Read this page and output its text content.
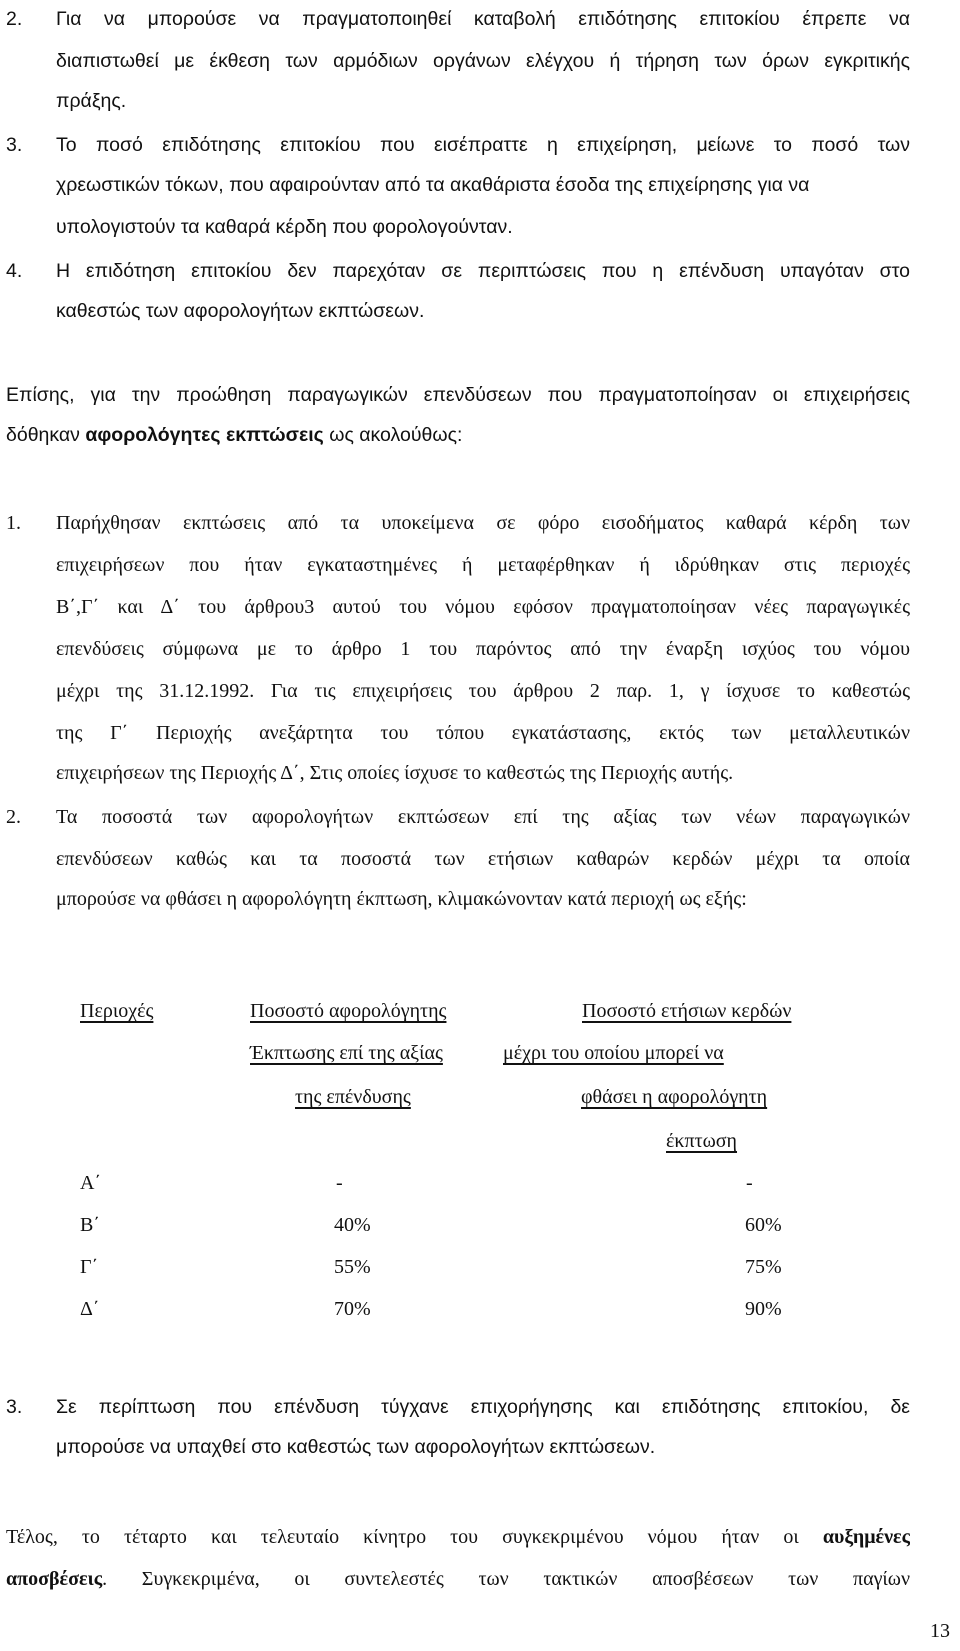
2. Για να μπορούσε να πραγματοποιηθεί καταβολή επιδότησης επιτοκίου έπρεπε να
διαπιστωθεί με έκθεση των αρμόδιων οργάνων ελέγχου ή τήρηση των όρων εγκριτικής
πράξης.
3. Το ποσό επιδότησης επιτοκίου που εισέπραττε η επιχείρηση, μείωνε το ποσό των
χρεωστικών τόκων, που αφαιρούνταν από τα ακαθάριστα έσοδα της επιχείρησης για να
υπολογιστούν τα καθαρά κέρδη που φορολογούνταν.
4. Η επιδότηση επιτοκίου δεν παρεχόταν σε περιπτώσεις που η επένδυση υπαγόταν στο
καθεστώς των αφορολογήτων εκπτώσεων.
Επίσης, για την προώθηση παραγωγικών επενδύσεων που πραγματοποίησαν οι επιχειρήσεις
δόθηκαν αφορολόγητες εκπτώσεις ως ακολούθως:
1. Παρήχθησαν εκπτώσεις από τα υποκείμενα σε φόρο εισοδήματος καθαρά κέρδη των
επιχειρήσεων που ήταν εγκαταστημένες ή μεταφέρθηκαν ή ιδρύθηκαν στις περιοχές
Β΄,Γ΄ και Δ΄ του άρθρου3 αυτού του νόμου εφόσον πραγματοποίησαν νέες παραγωγικές
επενδύσεις σύμφωνα με το άρθρο 1 του παρόντος από την έναρξη ισχύος του νόμου
μέχρι της 31.12.1992. Για τις επιχειρήσεις του άρθρου 2 παρ. 1, γ ίσχυσε το καθεστώς
της Γ΄ Περιοχής ανεξάρτητα του τόπου εγκατάστασης, εκτός των μεταλλευτικών
επιχειρήσεων της Περιοχής Δ΄, Στις οποίες ίσχυσε το καθεστώς της Περιοχής αυτής.
2. Τα ποσοστά των αφορολογήτων εκπτώσεων επί της αξίας των νέων παραγωγικών
επενδύσεων καθώς και τα ποσοστά των ετήσιων καθαρών κερδών μέχρι τα οποία
μπορούσε να φθάσει η αφορολόγητη έκπτωση, κλιμακώνονταν κατά περιοχή ως εξής:
Περιοχές	Ποσοστό αφορολόγητης
Έκπτωσης επί της αξίας
της επένδυσης
Ποσοστό ετήσιων κερδών
μέχρι του οποίου μπορεί να
φθάσει η αφορολόγητη
έκπτωση
Α΄	-	-
Β΄	40%	60%
Γ΄	55%	75%
Δ΄	70%	90%
3. Σε περίπτωση που επένδυση τύγχανε επιχορήγησης και επιδότησης επιτοκίου, δε
μπορούσε να υπαχθεί στο καθεστώς των αφορολογήτων εκπτώσεων.
Τέλος, το τέταρτο και τελευταίο κίνητρο του συγκεκριμένου νόμου ήταν οι αυξημένες
αποσβέσεις. Συγκεκριμένα, οι συντελεστές των τακτικών αποσβέσεων των παγίων
13
